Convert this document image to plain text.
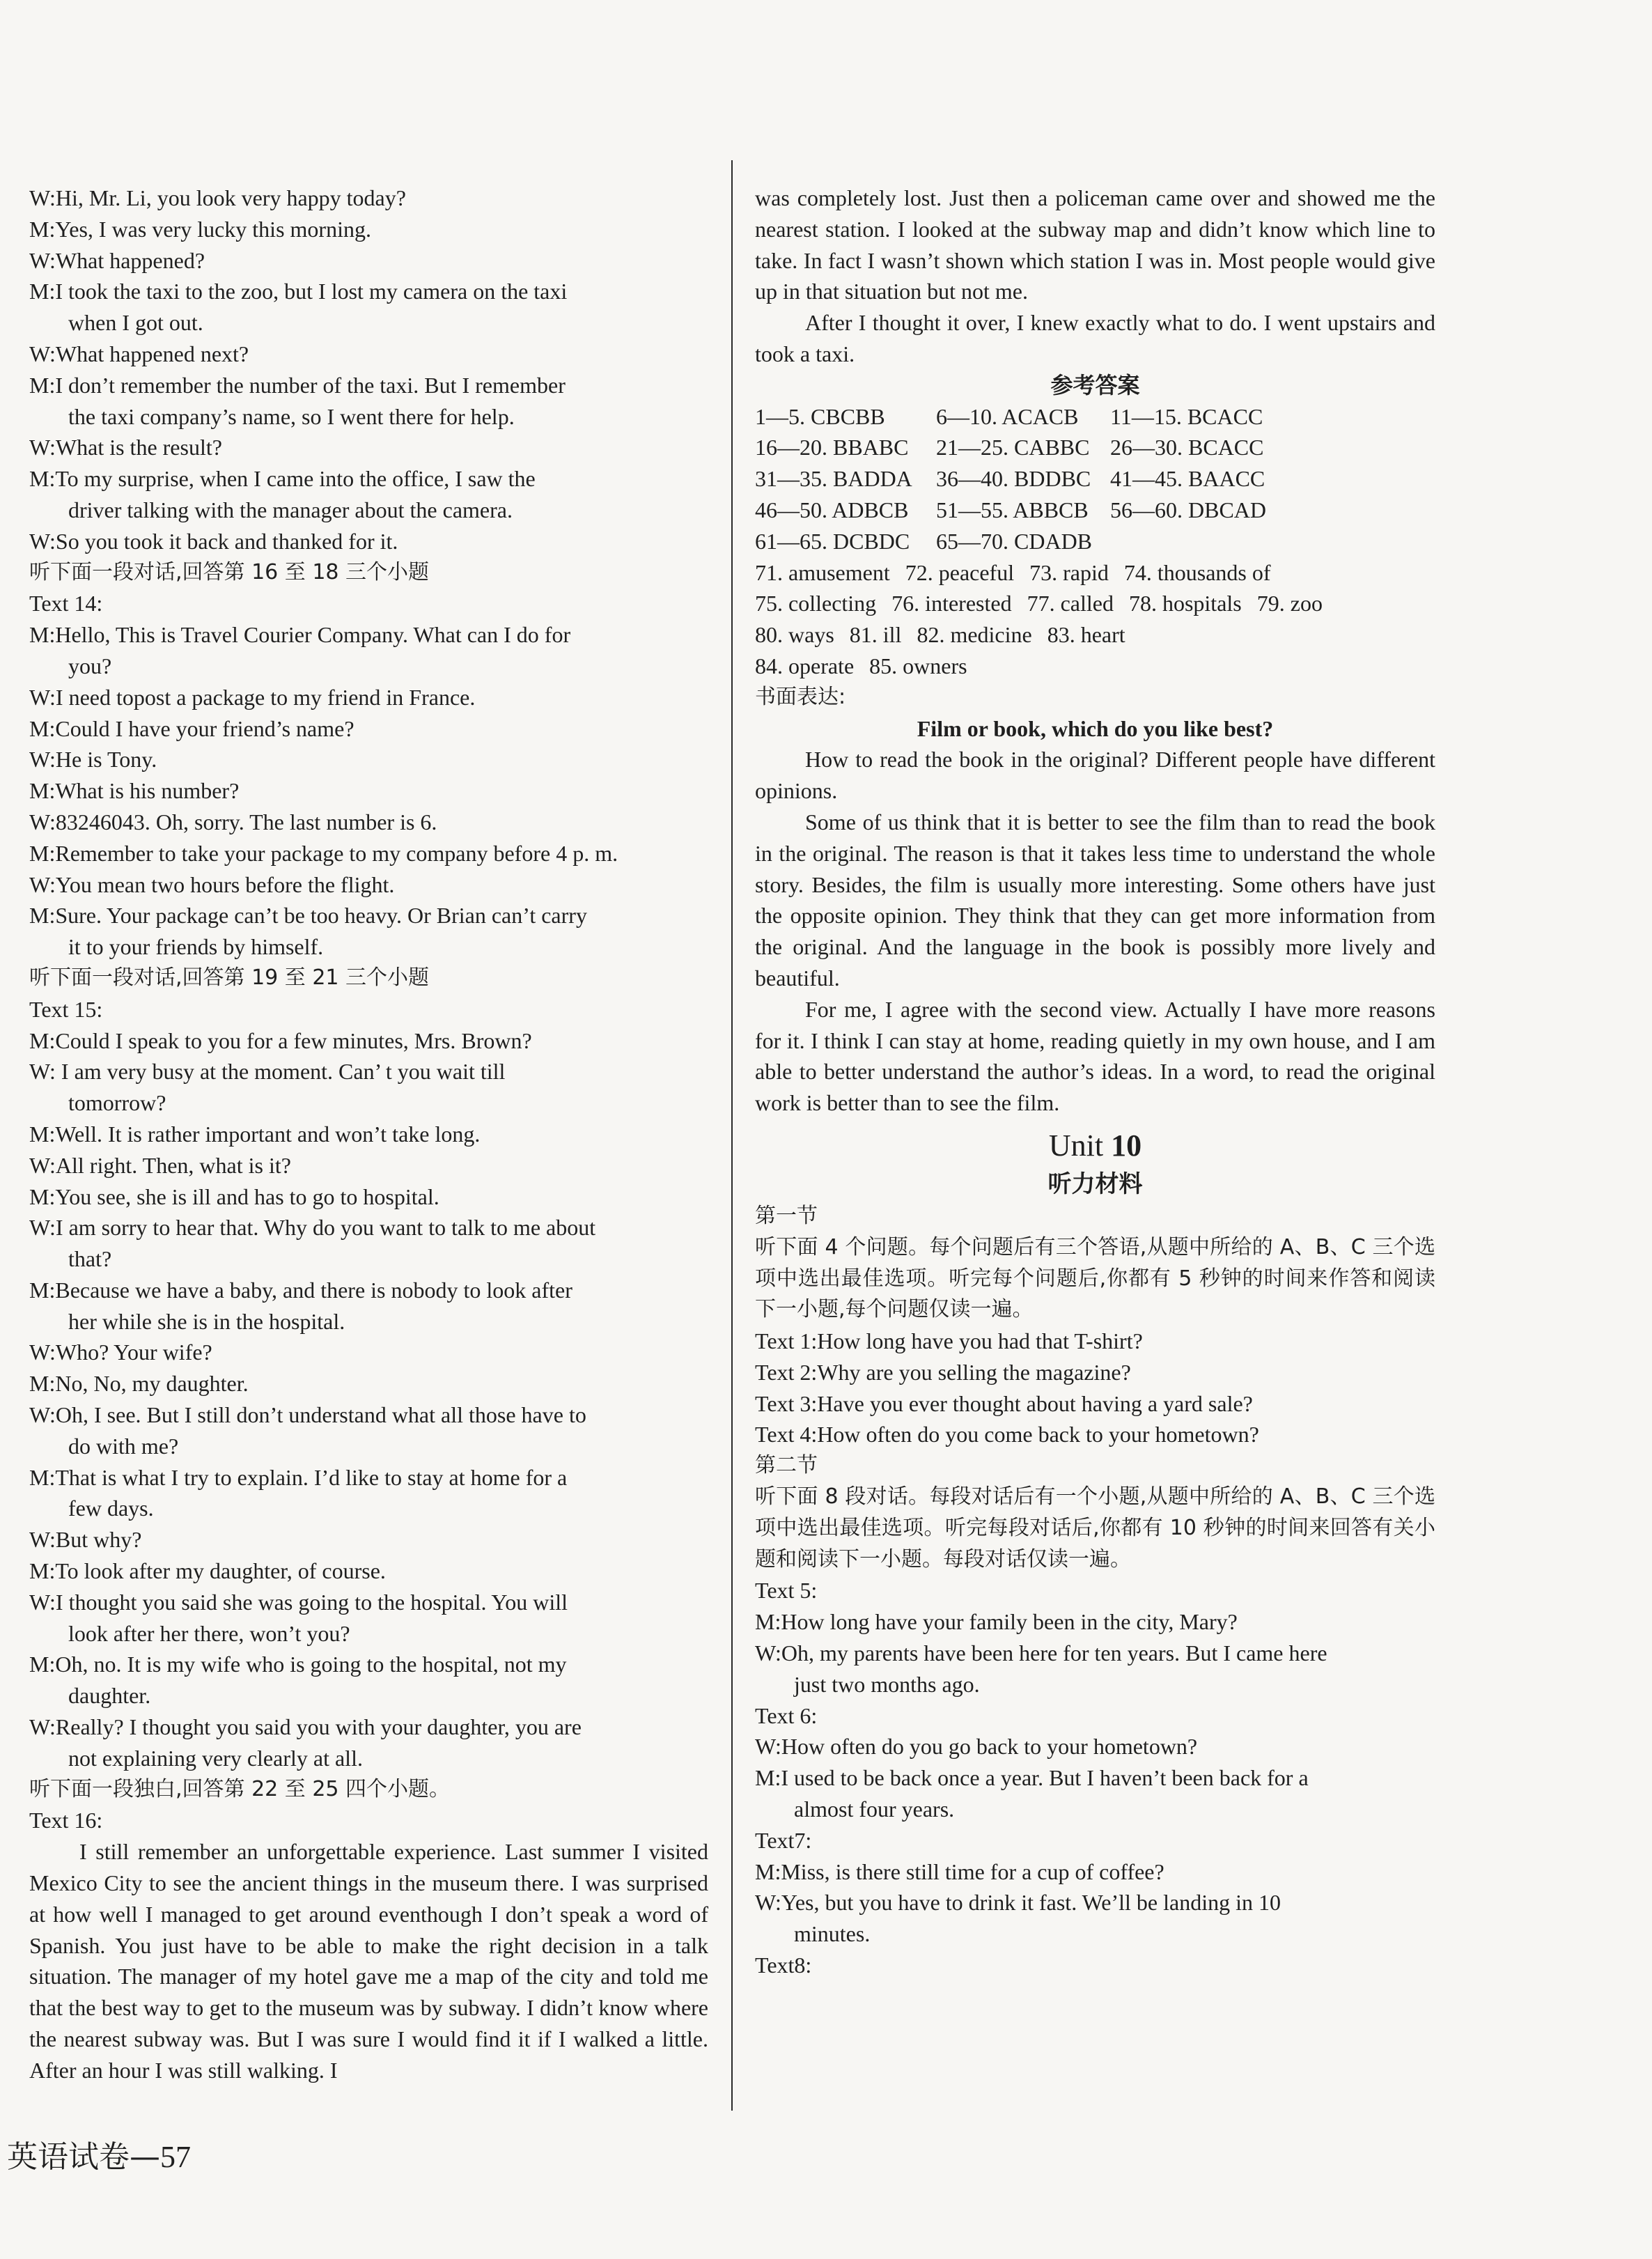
W:Hi, Mr. Li, you look very happy today?
M:Yes, I was very lucky this morning.
W:What happened?
M:I took the taxi to the zoo, but I lost my camera on the taxi
when I got out.
W:What happened next?
M:I don’t remember the number of the taxi. But I remember
the taxi company’s name, so I went there for help.
W:What is the result?
M:To my surprise, when I came into the office, I saw the
driver talking with the manager about the camera.
W:So you took it back and thanked for it.
听下面一段对话,回答第 16 至 18 三个小题
Text 14:
M:Hello, This is Travel Courier Company. What can I do for
you?
W:I need topost a package to my friend in France.
M:Could I have your friend’s name?
W:He is Tony.
M:What is his number?
W:83246043. Oh, sorry. The last number is 6.
M:Remember to take your package to my company before 4 p. m.
W:You mean two hours before the flight.
M:Sure. Your package can’t be too heavy. Or Brian can’t carry
it to your friends by himself.
听下面一段对话,回答第 19 至 21 三个小题
Text 15:
M:Could I speak to you for a few minutes, Mrs. Brown?
W: I am very busy at the moment. Can’ t you wait till
tomorrow?
M:Well. It is rather important and won’t take long.
W:All right. Then, what is it?
M:You see, she is ill and has to go to hospital.
W:I am sorry to hear that. Why do you want to talk to me about
that?
M:Because we have a baby, and there is nobody to look after
her while she is in the hospital.
W:Who? Your wife?
M:No, No, my daughter.
W:Oh, I see. But I still don’t understand what all those have to
do with me?
M:That is what I try to explain. I’d like to stay at home for a
few days.
W:But why?
M:To look after my daughter, of course.
W:I thought you said she was going to the hospital. You will
look after her there, won’t you?
M:Oh, no. It is my wife who is going to the hospital, not my
daughter.
W:Really? I thought you said you with your daughter, you are
not explaining very clearly at all.
听下面一段独白,回答第 22 至 25 四个小题。
Text 16:
I still remember an unforgettable experience. Last summer I visited Mexico City to see the ancient things in the museum there. I was surprised at how well I managed to get around eventhough I don’t speak a word of Spanish. You just have to be able to make the right decision in a talk situation. The manager of my hotel gave me a map of the city and told me that the best way to get to the museum was by subway. I didn’t know where the nearest subway was. But I was sure I would find it if I walked a little. After an hour I was still walking. I
was completely lost. Just then a policeman came over and showed me the nearest station. I looked at the subway map and didn’t know which line to take. In fact I wasn’t shown which station I was in. Most people would give up in that situation but not me.
After I thought it over, I knew exactly what to do. I went upstairs and took a taxi.
参考答案
1—5. CBCBB 6—10. ACACB 11—15. BCACC
16—20. BBABC 21—25. CABBC 26—30. BCACC
31—35. BADDA 36—40. BDDBC 41—45. BAACC
46—50. ADBCB 51—55. ABBCB 56—60. DBCAD
61—65. DCBDC 65—70. CDADB
71. amusement 72. peaceful 73. rapid 74. thousands of
75. collecting 76. interested 77. called 78. hospitals 79. zoo
80. ways 81. ill 82. medicine 83. heart
84. operate 85. owners
书面表达:
Film or book, which do you like best?
How to read the book in the original? Different people have different opinions.
Some of us think that it is better to see the film than to read the book in the original. The reason is that it takes less time to understand the whole story. Besides, the film is usually more interesting. Some others have just the opposite opinion. They think that they can get more information from the original. And the language in the book is possibly more lively and beautiful.
For me, I agree with the second view. Actually I have more reasons for it. I think I can stay at home, reading quietly in my own house, and I am able to better understand the author’s ideas. In a word, to read the original work is better than to see the film.
Unit 10
听力材料
第一节
听下面 4 个问题。每个问题后有三个答语,从题中所给的 A、B、C 三个选项中选出最佳选项。听完每个问题后,你都有 5 秒钟的时间来作答和阅读下一小题,每个问题仅读一遍。
Text 1:How long have you had that T-shirt?
Text 2:Why are you selling the magazine?
Text 3:Have you ever thought about having a yard sale?
Text 4:How often do you come back to your hometown?
第二节
听下面 8 段对话。每段对话后有一个小题,从题中所给的 A、B、C 三个选项中选出最佳选项。听完每段对话后,你都有 10 秒钟的时间来回答有关小题和阅读下一小题。每段对话仅读一遍。
Text 5:
M:How long have your family been in the city, Mary?
W:Oh, my parents have been here for ten years. But I came here
just two months ago.
Text 6:
W:How often do you go back to your hometown?
M:I used to be back once a year. But I haven’t been back for a
almost four years.
Text7:
M:Miss, is there still time for a cup of coffee?
W:Yes, but you have to drink it fast. We’ll be landing in 10
minutes.
Text8:
英语试卷—57
